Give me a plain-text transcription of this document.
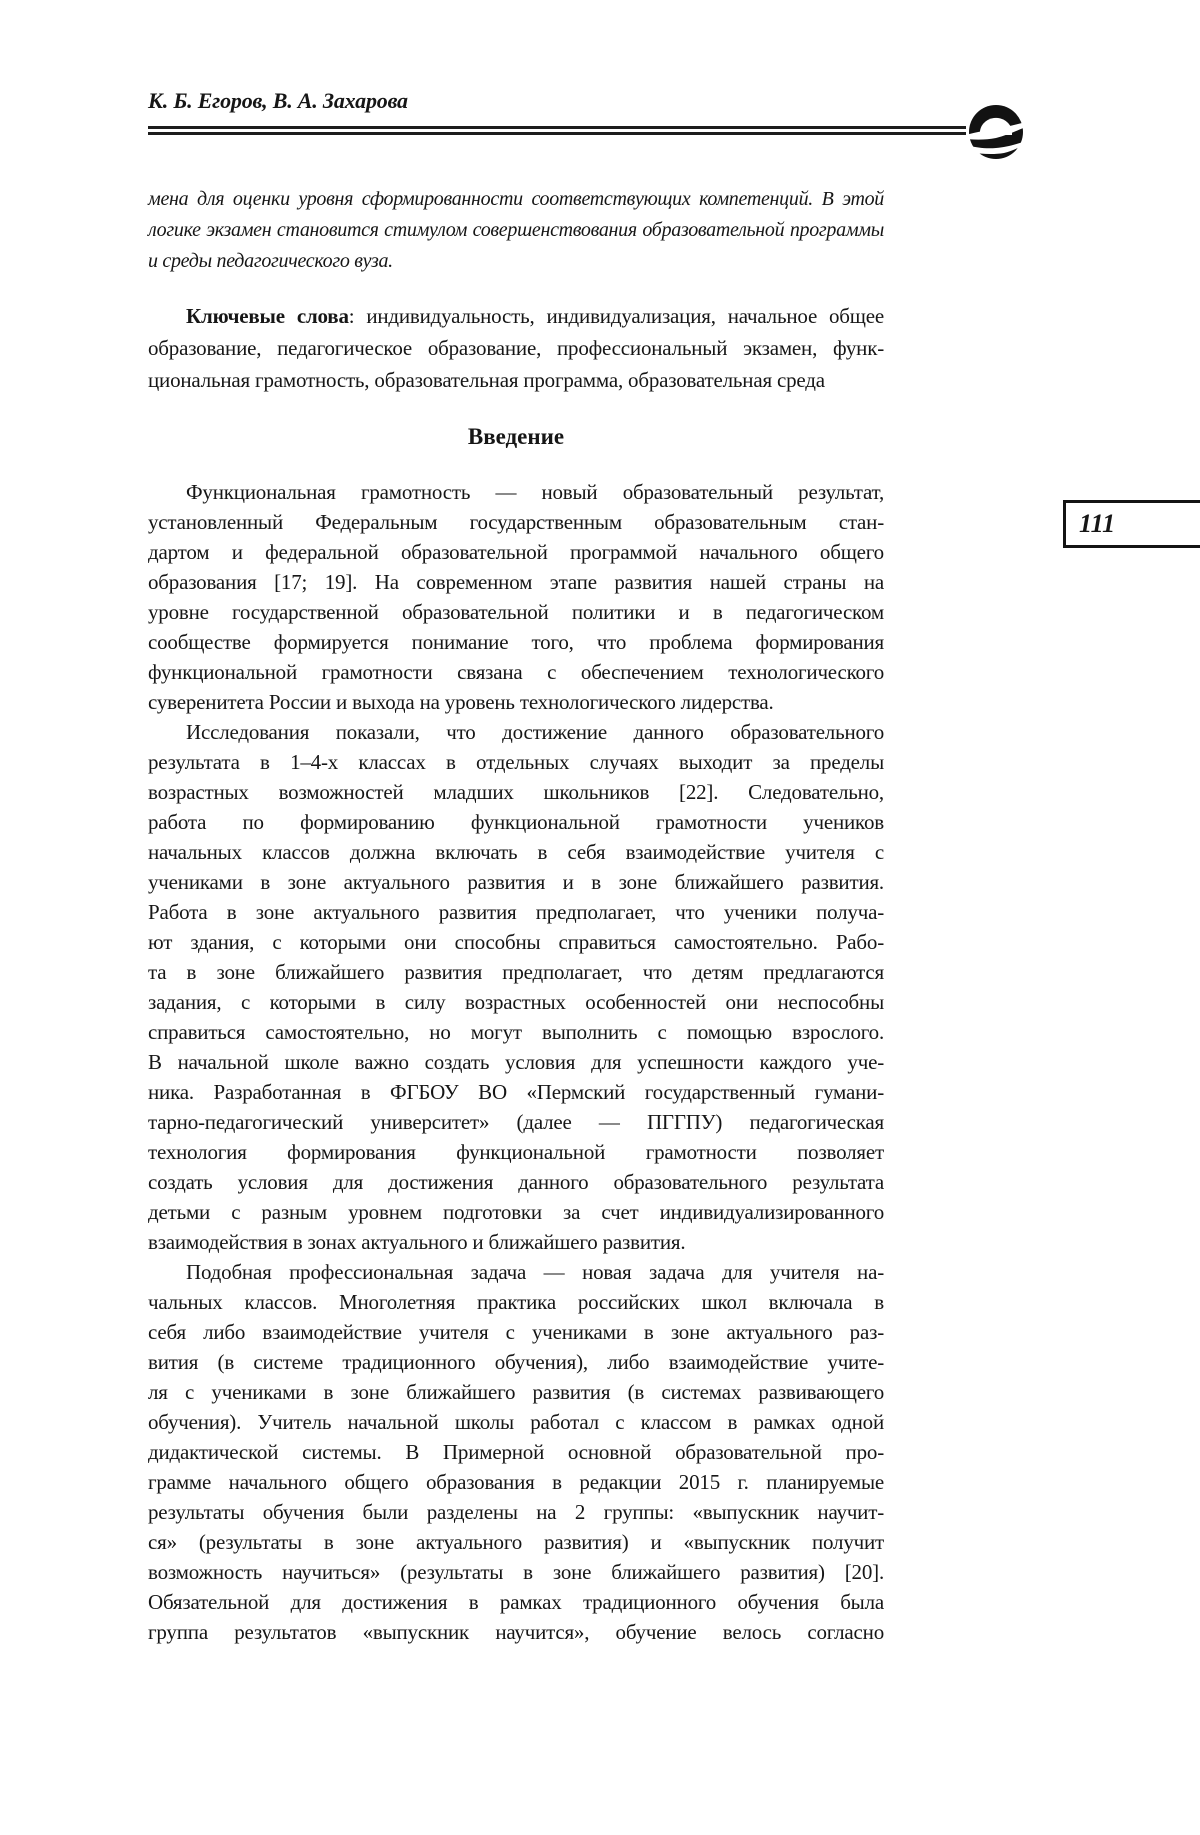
К. Б. Егоров, В. А. Захарова
111
мена для оценки уровня сформированности соответствующих компетенций. В этой
логике экзамен становится стимулом совершенствования образовательной программы
и среды педагогического вуза.
Ключевые слова: индивидуальность, индивидуализация, начальное общее
образование, педагогическое образование, профессиональный экзамен, функ-
циональная грамотность, образовательная программа, образовательная среда
Введение
Функциональная грамотность — новый образовательный результат,
установленный Федеральным государственным образовательным стан-
дартом и федеральной образовательной программой начального общего
образования [17; 19]. На современном этапе развития нашей страны на
уровне государственной образовательной политики и в педагогическом
сообществе формируется понимание того, что проблема формирования
функциональной грамотности связана с обеспечением технологического
суверенитета России и выхода на уровень технологического лидерства.
Исследования показали, что достижение данного образовательного
результата в 1–4-х классах в отдельных случаях выходит за пределы
возрастных возможностей младших школьников [22]. Следовательно,
работа по формированию функциональной грамотности учеников
начальных классов должна включать в себя взаимодействие учителя с
учениками в зоне актуального развития и в зоне ближайшего развития.
Работа в зоне актуального развития предполагает, что ученики получа-
ют здания, с которыми они способны справиться самостоятельно. Рабо-
та в зоне ближайшего развития предполагает, что детям предлагаются
задания, с которыми в силу возрастных особенностей они неспособны
справиться самостоятельно, но могут выполнить с помощью взрослого.
В начальной школе важно создать условия для успешности каждого уче-
ника. Разработанная в ФГБОУ ВО «Пермский государственный гумани-
тарно-педагогический университет» (далее — ПГГПУ) педагогическая
технология формирования функциональной грамотности позволяет
создать условия для достижения данного образовательного результата
детьми с разным уровнем подготовки за счет индивидуализированного
взаимодействия в зонах актуального и ближайшего развития.
Подобная профессиональная задача — новая задача для учителя на-
чальных классов. Многолетняя практика российских школ включала в
себя либо взаимодействие учителя с учениками в зоне актуального раз-
вития (в системе традиционного обучения), либо взаимодействие учите-
ля с учениками в зоне ближайшего развития (в системах развивающего
обучения). Учитель начальной школы работал с классом в рамках одной
дидактической системы. В Примерной основной образовательной про-
грамме начального общего образования в редакции 2015 г. планируемые
результаты обучения были разделены на 2 группы: «выпускник научит-
ся» (результаты в зоне актуального развития) и «выпускник получит
возможность научиться» (результаты в зоне ближайшего развития) [20].
Обязательной для достижения в рамках традиционного обучения была
группа результатов «выпускник научится», обучение велось согласно
